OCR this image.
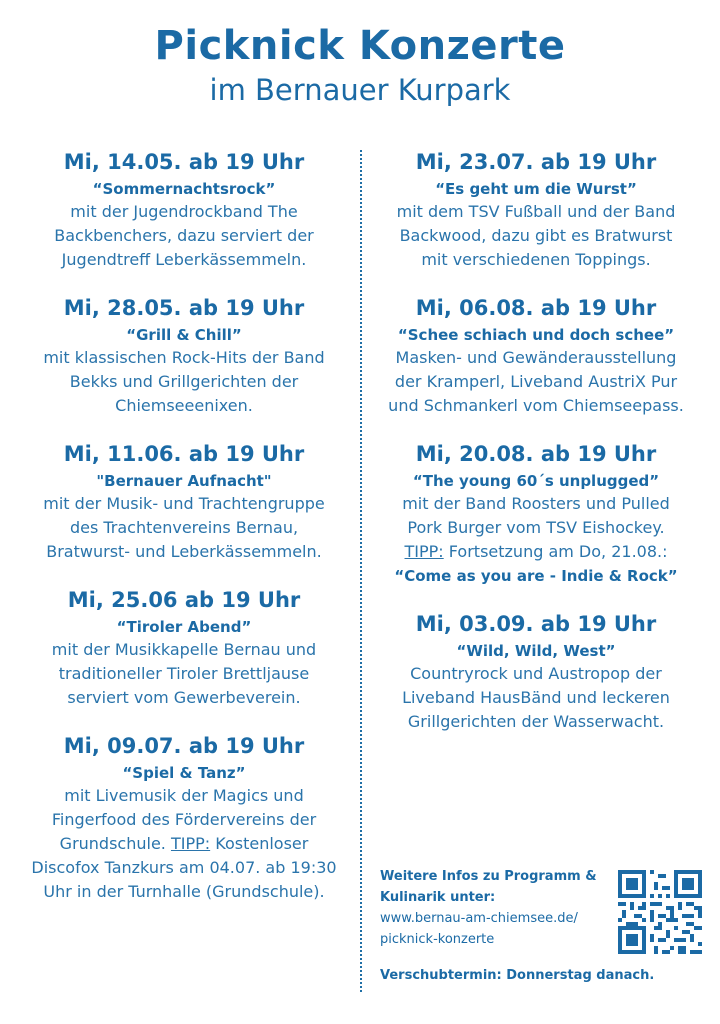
Picknick Konzerte
im Bernauer Kurpark
Mi, 14.05. ab 19 Uhr
“Sommernachtsrock”
mit der Jugendrockband The
Backbenchers, dazu serviert der
Jugendtreff Leberkässemmeln.
Mi, 28.05. ab 19 Uhr
“Grill & Chill”
mit klassischen Rock-Hits der Band
Bekks und Grillgerichten der
Chiemseeenixen.
Mi, 11.06. ab 19 Uhr
"Bernauer Aufnacht"
mit der Musik- und Trachtengruppe
des Trachtenvereins Bernau,
Bratwurst- und Leberkässemmeln.
Mi, 25.06 ab 19 Uhr
“Tiroler Abend”
mit der Musikkapelle Bernau und
traditioneller Tiroler Brettljause
serviert vom Gewerbeverein.
Mi, 09.07. ab 19 Uhr
“Spiel & Tanz”
mit Livemusik der Magics und
Fingerfood des Fördervereins der
Grundschule. TIPP: Kostenloser
Discofox Tanzkurs am 04.07. ab 19:30
Uhr in der Turnhalle (Grundschule).
Mi, 23.07. ab 19 Uhr
“Es geht um die Wurst”
mit dem TSV Fußball und der Band
Backwood, dazu gibt es Bratwurst
mit verschiedenen Toppings.
Mi, 06.08. ab 19 Uhr
“Schee schiach und doch schee”
Masken- und Gewänderausstellung
der Kramperl, Liveband AustriX Pur
und Schmankerl vom Chiemseepass.
Mi, 20.08. ab 19 Uhr
“The young 60´s unplugged”
mit der Band Roosters und Pulled
Pork Burger vom TSV Eishockey.
TIPP: Fortsetzung am Do, 21.08.:
“Come as you are - Indie & Rock”
Mi, 03.09. ab 19 Uhr
“Wild, Wild, West”
Countryrock und Austropop der
Liveband HausBänd und leckeren
Grillgerichten der Wasserwacht.
Weitere Infos zu Programm &
Kulinarik unter:
www.bernau-am-chiemsee.de/
picknick-konzerte
Verschubtermin: Donnerstag danach.
